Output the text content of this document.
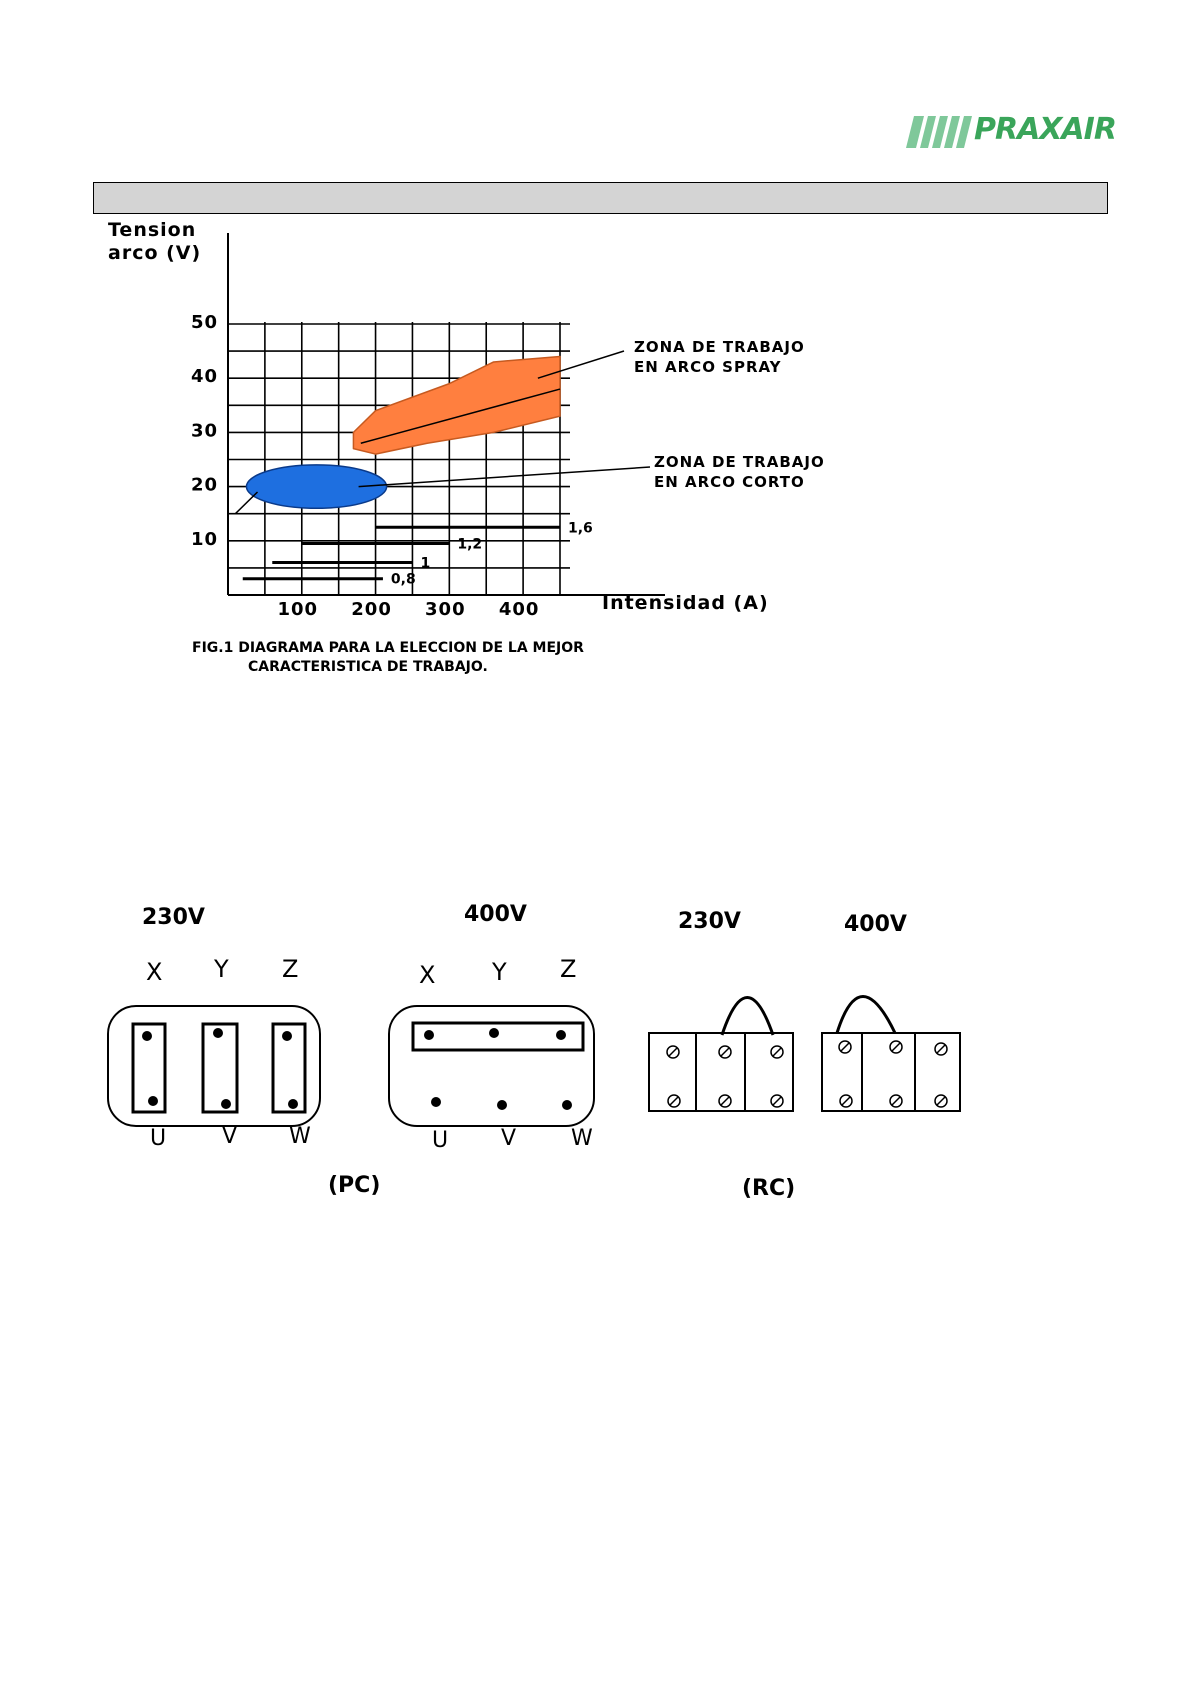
PRAXAIR
0,8
1
1,2
1,6
100 200 300 400
10
20
30
40
50
Tension
arco (V)
Intensidad (A)
ZONA DE TRABAJO
EN ARCO SPRAY
ZONA DE TRABAJO
EN ARCO CORTO
FIG.1 DIAGRAMA PARA LA ELECCION DE LA MEJOR
CARACTERISTICA DE TRABAJO.
230V	400V	230V	400V
X Y Z
U	V W
X Y Z
U V W
(PC)	(RC)
